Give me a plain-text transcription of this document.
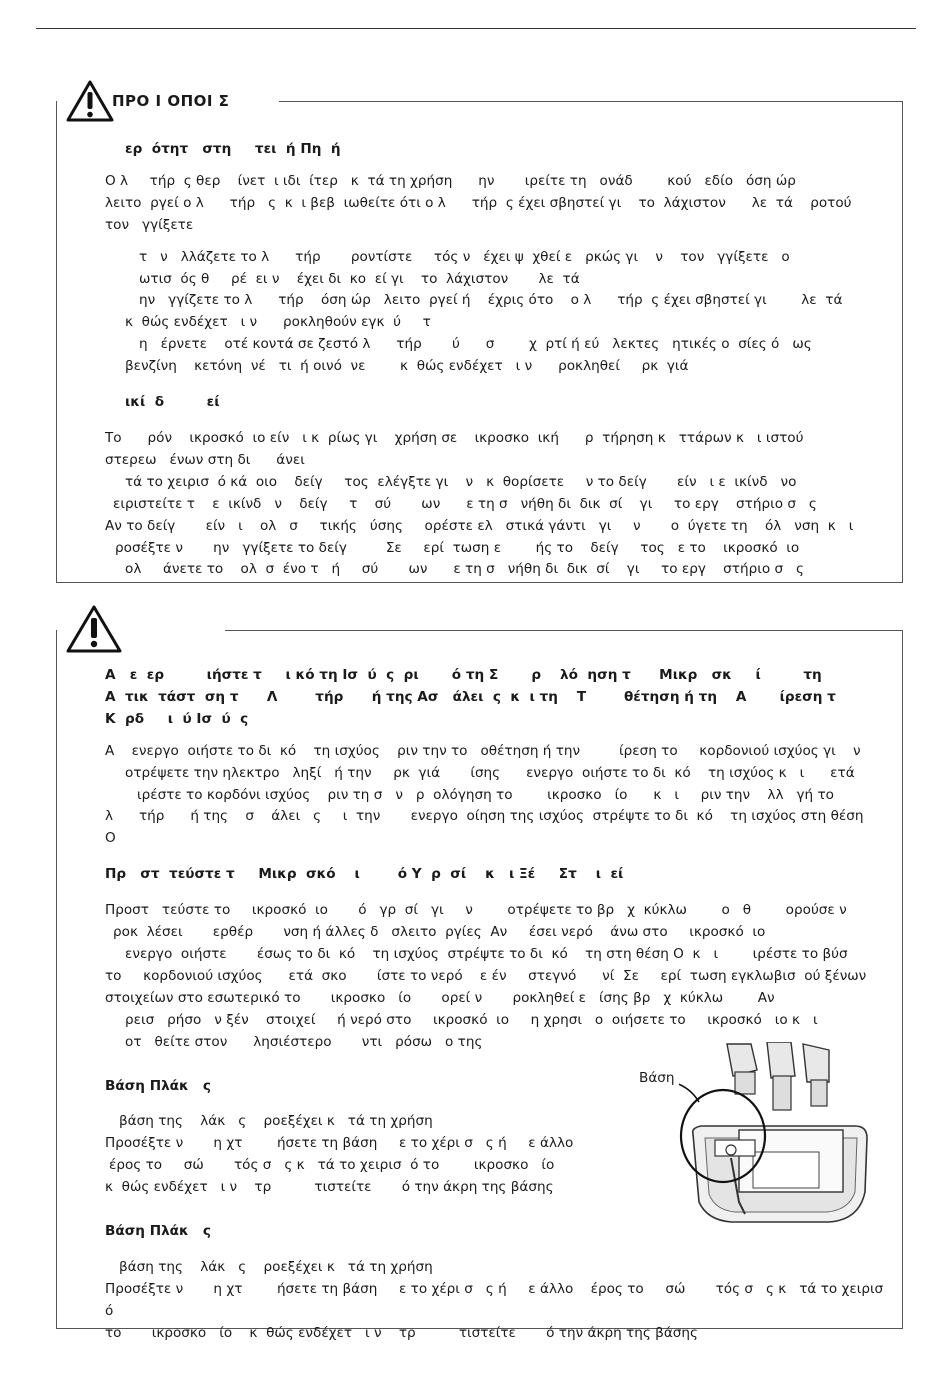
ΠΡΟ Ι ΟΠΟΙ Σ

ερ  ότητ   στη     τει  ή Πη  ή

Ο λ     τήρ  ς θερ    ίνετ  ι ιδι  ίτερ   κ  τά τη χρήση      ην       ιρείτε τη   ονάδ        κού   εδίο   όση ώρ

λειτο  ργεί ο λ      τήρ   ς  κ  ι βεβ  ιωθείτε ότι ο λ      τήρ  ς έχει σβηστεί γι    το  λάχιστον      λε  τά    ροτού

τον   γγίξετε

τ   ν   λλάζετε το λ      τήρ       ροντίστε     τός ν   έχει ψ  χθεί ε   ρκώς γι    ν    τον   γγίξετε   ο

ωτισ  ός θ     ρέ  ει ν    έχει δι  κο  εί γι    το  λάχιστον       λε  τά

ην   γγίζετε το λ      τήρ    όση ώρ   λειτο  ργεί ή    έχρις ότο    ο λ      τήρ  ς έχει σβηστεί γι        λε  τά

κ  θώς ενδέχετ   ι ν      ροκληθούν εγκ  ύ     τ

η   έρνετε    οτέ κοντά σε ζεστό λ      τήρ       ύ      σ        χ  ρτί ή εύ   λεκτες   ητικές ο  σίες ό   ως

βενζίνη    κετόνη  νέ   τι  ή οινό  νε        κ  θώς ενδέχετ   ι ν      ροκληθεί     ρκ  γιά

ικί  δ         εί

Το      ρόν    ικροσκό  ιο είν   ι κ  ρίως γι    χρήση σε    ικροσκο  ική      ρ  τήρηση κ   ττάρων κ   ι ιστού

στερεω   ένων στη δι      άνει

τά το χειρισ  ό κά  οιο    δείγ     τος  ελέγξτε γι    ν   κ  θορίσετε     ν το δείγ       είν   ι ε  ικίνδ   νο

ειριστείτε τ    ε  ικίνδ   ν    δείγ     τ    σύ       ων      ε τη σ   νήθη δι  δικ  σί    γι     το εργ    στήριο σ   ς

Αν το δείγ       είν   ι    ολ   σ     τικής   ύσης     ορέστε ελ   στικά γάντι   γι     ν       ο  ύγετε τη    όλ   νση  κ   ι

ροσέξτε ν       ην   γγίξετε το δείγ         Σε     ερί  τωση ε        ής το    δείγ     τος   ε το    ικροσκό  ιο

ολ     άνετε το    ολ  σ  ένο τ   ή     σύ       ων      ε τη σ   νήθη δι  δικ  σί    γι     το εργ    στήριο σ   ς

Α   ε  ερ         ιήστε τ     ι κό τη Ισ  ύ  ς  ρι       ό τη Σ       ρ    λό  ηση τ      Μικρ   σκ     ί         τη

Α  τικ  τάστ  ση τ      Λ        τήρ      ή της Ασ   άλει  ς  κ  ι τη    Τ        θέτηση ή τη    Α       ίρεση τ

Κ  ρδ     ι  ύ Ισ  ύ  ς

Α    ενεργο  οιήστε το δι  κό    τη ισχύος    ριν την το   οθέτηση ή την         ίρεση το     κορδονιού ισχύος γι    ν

οτρέψετε την ηλεκτρο   ληξί   ή την     ρκ  γιά       ίσης      ενεργο  οιήστε το δι  κό    τη ισχύος κ   ι      ετά

ιρέστε το κορδόνι ισχύος    ριν τη σ   ν   ρ  ολόγηση το        ικροσκο   ίο      κ   ι     ριν την    λλ   γή το

λ      τήρ      ή της    σ    άλει   ς     ι  την       ενεργο  οίηση της ισχύος  στρέψτε το δι  κό    τη ισχύος στη θέση

Ο

Πρ   στ  τεύστε τ     Μικρ  σκό    ι        ό Υ  ρ  σί    κ   ι Ξέ     Στ    ι  εί

Προστ   τεύστε το     ικροσκό  ιο       ό   γρ  σί   γι     ν        οτρέψετε το βρ   χ  κύκλω        ο   θ        ορούσε ν

ροκ  λέσει       ερθέρ       νση ή άλλες δ   σλειτο  ργίες  Αν     έσει νερό    άνω στο     ικροσκό  ιο

ενεργο  οιήστε       έσως το δι  κό    τη ισχύος  στρέψτε το δι  κό    τη στη θέση Ο  κ   ι        ιρέστε το βύσ

το     κορδονιού ισχύος      ετά  σκο       ίστε το νερό    ε έν     στεγνό      νί  Σε     ερί  τωση εγκλωβισ  ού ξένων

στοιχείων στο εσωτερικό το       ικροσκο   ίο       ορεί ν       ροκληθεί ε   ίσης βρ   χ  κύκλω        Αν

ρεισ   ρήσο   ν ξέν    στοιχεί     ή νερό στο     ικροσκό  ιο     η χρησι   ο  οιήσετε το     ικροσκό   ιο κ   ι

οτ   θείτε στον      λησιέστερο       ντι   ρόσω   ο της

Βάση Πλάκ   ς

βάση της    λάκ   ς    ροεξέχει κ   τά τη χρήση

Προσέξτε ν       η χτ        ήσετε τη βάση     ε το χέρι σ   ς ή     ε άλλο

έρος το     σώ       τός σ   ς κ   τά το χειρισ  ό το        ικροσκο   ίο

κ  θώς ενδέχετ   ι ν    τρ          τιστείτε       ό την άκρη της βάσης

Βάση Πλάκ   ς

βάση της    λάκ   ς    ροεξέχει κ   τά τη χρήση

Προσέξτε ν       η χτ        ήσετε τη βάση     ε το χέρι σ   ς ή     ε άλλο    έρος το     σώ       τός σ   ς κ   τά το χειρισ  ό

το       ικροσκο   ίο    κ  θώς ενδέχετ   ι ν    τρ          τιστείτε       ό την άκρη της βάσης

Βάση
